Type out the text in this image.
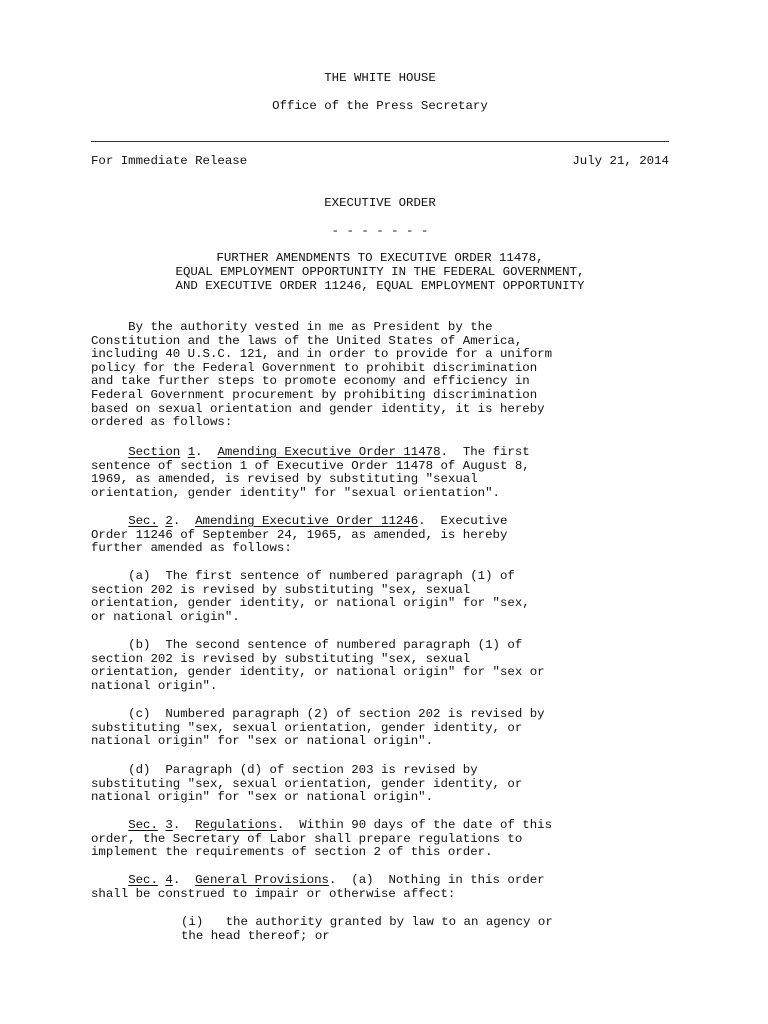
THE WHITE HOUSE
Office of the Press Secretary
For Immediate Release	July 21, 2014
EXECUTIVE ORDER
- - - - - - -
FURTHER AMENDMENTS TO EXECUTIVE ORDER 11478,
EQUAL EMPLOYMENT OPPORTUNITY IN THE FEDERAL GOVERNMENT,
AND EXECUTIVE ORDER 11246, EQUAL EMPLOYMENT OPPORTUNITY
By the authority vested in me as President by the
Constitution and the laws of the United States of America,
including 40 U.S.C. 121, and in order to provide for a uniform
policy for the Federal Government to prohibit discrimination
and take further steps to promote economy and efficiency in
Federal Government procurement by prohibiting discrimination
based on sexual orientation and gender identity, it is hereby
ordered as follows:
Section 1.  Amending Executive Order 11478.  The first
sentence of section 1 of Executive Order 11478 of August 8,
1969, as amended, is revised by substituting "sexual
orientation, gender identity" for "sexual orientation".
Sec. 2.  Amending Executive Order 11246.  Executive
Order 11246 of September 24, 1965, as amended, is hereby
further amended as follows:
(a)  The first sentence of numbered paragraph (1) of
section 202 is revised by substituting "sex, sexual
orientation, gender identity, or national origin" for "sex,
or national origin".
(b)  The second sentence of numbered paragraph (1) of
section 202 is revised by substituting "sex, sexual
orientation, gender identity, or national origin" for "sex or
national origin".
(c)  Numbered paragraph (2) of section 202 is revised by
substituting "sex, sexual orientation, gender identity, or
national origin" for "sex or national origin".
(d)  Paragraph (d) of section 203 is revised by
substituting "sex, sexual orientation, gender identity, or
national origin" for "sex or national origin".
Sec. 3.  Regulations.  Within 90 days of the date of this
order, the Secretary of Labor shall prepare regulations to
implement the requirements of section 2 of this order.
Sec. 4.  General Provisions.  (a)  Nothing in this order
shall be construed to impair or otherwise affect:
(i)   the authority granted by law to an agency or
the head thereof; or
